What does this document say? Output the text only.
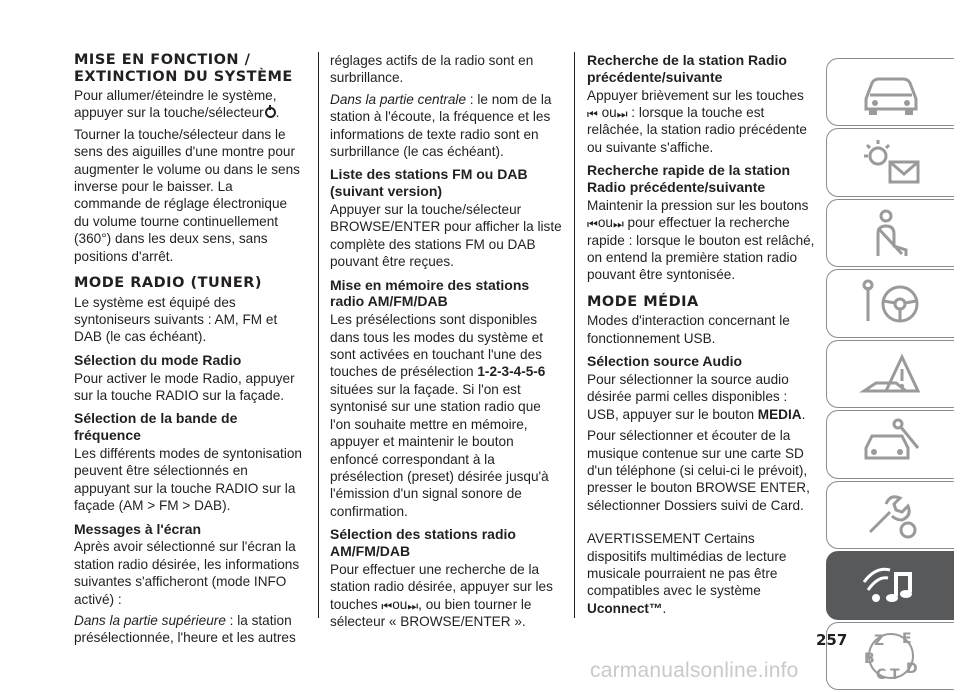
MISE EN FONCTION / EXTINCTION DU SYSTÈME

Pour allumer/éteindre le système, appuyer sur la touche/sélecteur .

Tourner la touche/sélecteur dans le sens des aiguilles d'une montre pour augmenter le volume ou dans le sens inverse pour le baisser. La commande de réglage électronique du volume tourne continuellement (360°) dans les deux sens, sans positions d'arrêt.

MODE RADIO (TUNER)

Le système est équipé des syntoniseurs suivants : AM, FM et DAB (le cas échéant).

Sélection du mode Radio

Pour activer le mode Radio, appuyer sur la touche RADIO sur la façade.

Sélection de la bande de fréquence

Les différents modes de syntonisation peuvent être sélectionnés en appuyant sur la touche RADIO sur la façade (AM > FM > DAB).

Messages à l'écran

Après avoir sélectionné sur l'écran la station radio désirée, les informations suivantes s'afficheront (mode INFO activé) :

Dans la partie supérieure : la station présélectionnée, l'heure et les autres

réglages actifs de la radio sont en surbrillance.

Dans la partie centrale : le nom de la station à l'écoute, la fréquence et les informations de texte radio sont en surbrillance (le cas échéant).

Liste des stations FM ou DAB (suivant version)

Appuyer sur la touche/sélecteur BROWSE/ENTER pour afficher la liste complète des stations FM ou DAB pouvant être reçues.

Mise en mémoire des stations radio AM/FM/DAB

Les présélections sont disponibles dans tous les modes du système et sont activées en touchant l'une des touches de présélection 1-2-3-4-5-6 situées sur la façade. Si l'on est syntonisé sur une station radio que l'on souhaite mettre en mémoire, appuyer et maintenir le bouton enfoncé correspondant à la présélection (preset) désirée jusqu'à l'émission d'un signal sonore de confirmation.

Sélection des stations radio AM/FM/DAB

Pour effectuer une recherche de la station radio désirée, appuyer sur les touches ⏮ou⏭, ou bien tourner le sélecteur « BROWSE/ENTER ».

Recherche de la station Radio précédente/suivante

Appuyer brièvement sur les touches ⏮ ou⏭ : lorsque la touche est relâchée, la station radio précédente ou suivante s'affiche.

Recherche rapide de la station Radio précédente/suivante

Maintenir la pression sur les boutons ⏮ou⏭ pour effectuer la recherche rapide : lorsque le bouton est relâché, on entend la première station radio pouvant être syntonisée.

MODE MÉDIA

Modes d'interaction concernant le fonctionnement USB.

Sélection source Audio

Pour sélectionner la source audio désirée parmi celles disponibles : USB, appuyer sur le bouton MEDIA.

Pour sélectionner et écouter de la musique contenue sur une carte SD d'un téléphone (si celui-ci le prévoit), presser le bouton BROWSE ENTER, sélectionner Dossiers suivi de Card.

AVERTISSEMENT Certains dispositifs multimédias de lecture musicale pourraient ne pas être compatibles avec le système Uconnect™.

Z E
B
C T D
257
carmanualsonline.info
